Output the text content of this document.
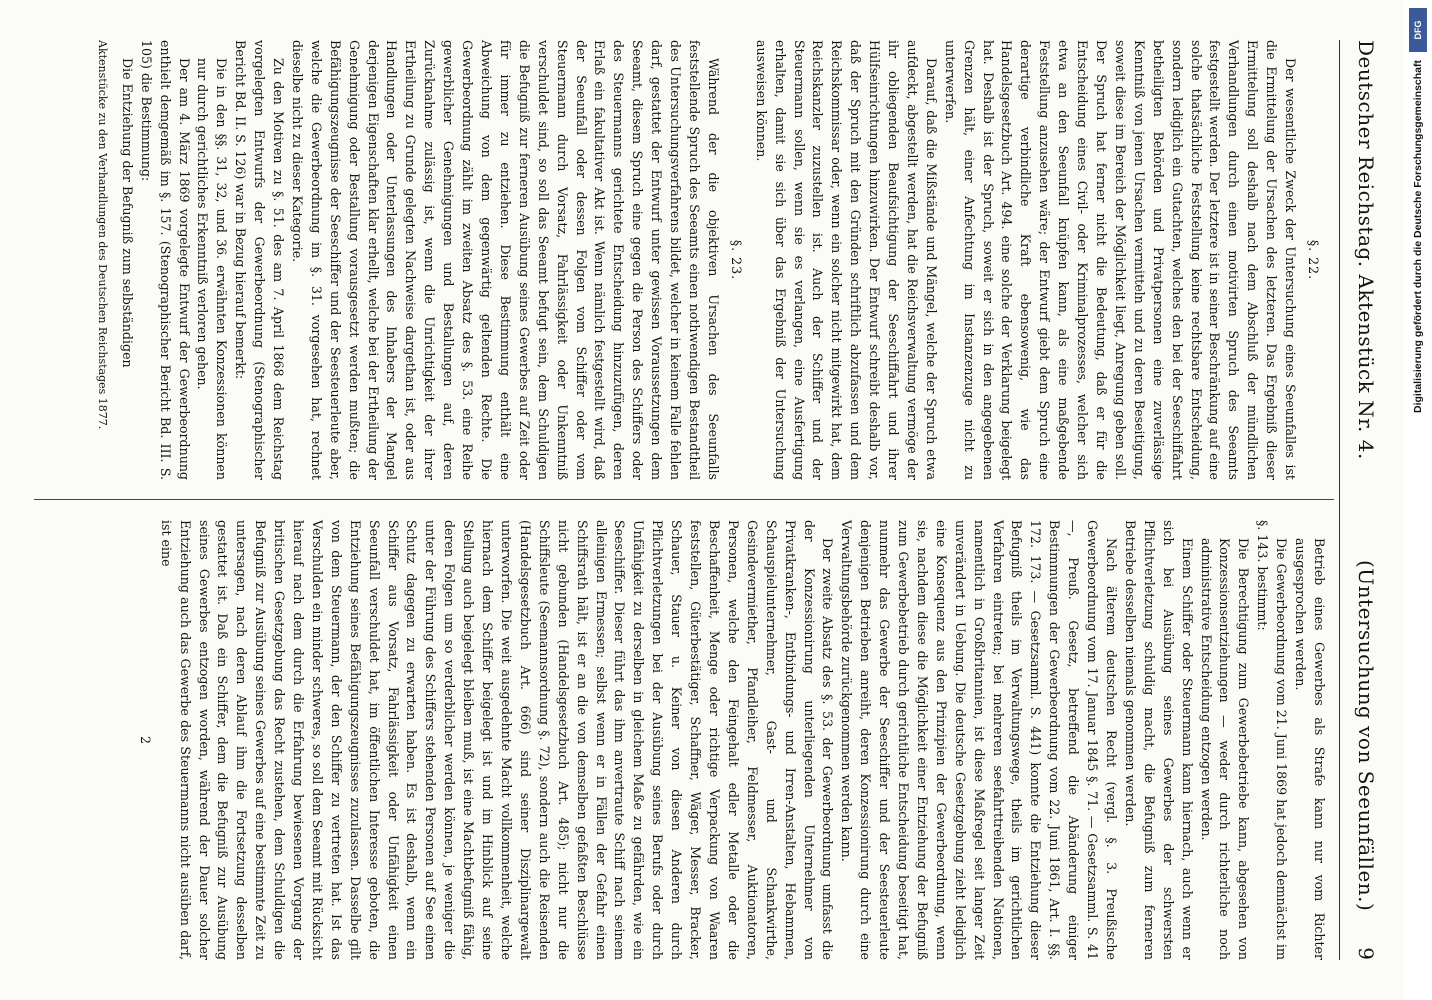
Deutscher Reichstag. Aktenstück Nr. 4.
(Untersuchung von Seeunfällen.)
9

§. 22.

Der wesentliche Zweck der Untersuchung eines Seeunfalles ist die Ermittelung der Ursachen des letzteren. Das Ergebniß dieser Ermittelung soll deshalb nach dem Abschluß der mündlichen Verhandlungen durch einen motivirten Spruch des Seeamts festgestellt werden. Der letztere ist in seiner Beschränkung auf eine solche thatsächliche Feststellung keine rechtsbare Entscheidung, sondern lediglich ein Gutachten, welches den bei der Seeschiffahrt betheiligten Behörden und Privatpersonen eine zuverlässige Kenntniß von jenen Ursachen vermitteln und zu deren Beseitigung, soweit diese im Bereich der Möglichkeit liegt, Anregung geben soll. Der Spruch hat ferner nicht die Bedeutung, daß er für die Entscheidung eines Civil- oder Kriminalprozesses, welcher sich etwa an den Seeunfall knüpfen kann, als eine maßgebende Feststellung anzusehen wäre; der Entwurf giebt dem Spruch eine derartige verbindliche Kraft ebensowenig, wie das Handelsgesetzbuch Art. 494. eine solche der Verklarung beigelegt hat. Deshalb ist der Spruch, soweit er sich in den angegebenen Grenzen hält, einer Anfechtung im Instanzenzuge nicht zu unterwerfen.

Darauf, daß die Mißstände und Mängel, welche der Spruch etwa aufdeckt, abgestellt werden, hat die Reichsverwaltung vermöge der ihr obliegenden Beaufsichtigung der Seeschiffahrt und ihrer Hülfseinrichtungen hinzuwirken. Der Entwurf schreibt deshalb vor, daß der Spruch mit den Gründen schriftlich abzufassen und dem Reichskommissar oder, wenn ein solcher nicht mitgewirkt hat, dem Reichskanzler zuzustellen ist. Auch der Schiffer und der Steuermann sollen, wenn sie es verlangen, eine Ausfertigung erhalten, damit sie sich über das Ergebniß der Untersuchung ausweisen können.

§. 23.

Während der die objektiven Ursachen des Seeunfalls feststellende Spruch des Seeamts einen nothwendigen Bestandtheil des Untersuchungsverfahrens bildet, welcher in keinem Falle fehlen darf, gestattet der Entwurf unter gewissen Voraussetzungen dem Seeamt, diesem Spruch eine gegen die Person des Schiffers oder des Steuermanns gerichtete Entscheidung hinzuzufügen, deren Erlaß ein fakultativer Akt ist. Wenn nämlich festgestellt wird, daß der Seeunfall oder dessen Folgen vom Schiffer oder vom Steuermann durch Vorsatz, Fahrlässigkeit oder Unkenntniß verschuldet sind, so soll das Seeamt befugt sein, dem Schuldigen die Befugniß zur ferneren Ausübung seines Gewerbes auf Zeit oder für immer zu entziehen. Diese Bestimmung enthält eine Abweichung von dem gegenwärtig geltenden Rechte. Die Gewerbeordnung zählt im zweiten Absatz des §. 53. eine Reihe gewerblicher Genehmigungen und Bestallungen auf, deren Zurücknahme zulässig ist, wenn die Unrichtigkeit der ihrer Ertheilung zu Grunde gelegten Nachweise dargethan ist, oder aus Handlungen oder Unterlassungen des Inhabers der Mangel derjenigen Eigenschaften klar erhellt, welche bei der Ertheilung der Genehmigung oder Bestallung vorausgesetzt werden mußten; die Befähigungszeugnisse der Seeschiffer und der Seesteuerleute aber, welche die Gewerbeordnung im §. 31. vorgesehen hat, rechnet dieselbe nicht zu dieser Kategorie.

Zu den Motiven zu §. 51. des am 7. April 1868 dem Reichstag vorgelegten Entwurfs der Gewerbeordnung (Stenographischer Bericht Bd. II. S. 126) war in Bezug hierauf bemerkt:

Die in den §§. 31, 32, und 36. erwähnten Konzessionen können nur durch gerichtliches Erkenntniß verloren gehen.

Der am 4. März 1869 vorgelegte Entwurf der Gewerbeordnung enthielt demgemäß im §. 157. (Stenographischer Bericht Bd. III. S. 105) die Bestimmung:

Die Entziehung der Befugniß zum selbständigen

Aktenstücke zu den Verhandlungen des Deutschen Reichstages 1877.

Betrieb eines Gewerbes als Strafe kann nur vom Richter ausgesprochen werden.

Die Gewerbeordnung vom 21. Juni 1869 hat jedoch demnächst im §. 143. bestimmt:

Die Berechtigung zum Gewerbebetriebe kann, abgesehen von Konzessionsentziehungen — weder durch richterliche noch administrative Entscheidung entzogen werden.

Einem Schiffer oder Steuermann kann hiernach, auch wenn er sich bei Ausübung seines Gewerbes der schwersten Pflichtverletzung schuldig macht, die Befugniß zum ferneren Betriebe desselben niemals genommen werden.

Nach älterem deutschen Recht (vergl. §. 3. Preußische Gewerbeordnung vom 17. Januar 1845 §. 71. — Gesetzsamml. S. 41 —, Preuß. Gesetz, betreffend die Abänderung einiger Bestimmungen der Gewerbeordnung vom 22. Juni 1861, Art. I. §§. 172. 173. — Gesetzsamml. S. 441) konnte die Entziehung dieser Befugniß theils im Verwaltungswege, theils im gerichtlichen Verfahren eintreten; bei mehreren seefahrttreibenden Nationen, namentlich in Großbritannien, ist diese Maßregel seit langer Zeit unverändert in Uebung. Die deutsche Gesetzgebung zieht lediglich eine Konsequenz aus den Prinzipien der Gewerbeordnung, wenn sie, nachdem diese die Möglichkeit einer Entziehung der Befugniß zum Gewerbebetrieb durch gerichtliche Entscheidung beseitigt hat, nunmehr das Gewerbe der Seeschiffer und der Seesteuerleute denjenigen Betrieben anreiht, deren Konzessionirung durch eine Verwaltungsbehörde zurückgenommen werden kann.

Der zweite Absatz des §. 53. der Gewerbeordnung umfasst die der Konzessionirung unterliegenden Unternehmer von Privatkranken-, Entbindungs- und Irren-Anstalten, Hebammen, Schauspielunternehmer, Gast- und Schankwirthe, Gesindevermiether, Pfandleiher, Feldmesser, Auktionatoren, Personen, welche den Feingehalt edler Metalle oder die Beschaffenheit, Menge oder richtige Verpackung von Waaren feststellen, Güterbestätiger, Schaffner, Wäger, Messer, Bracker, Schauer, Stauer u. Keiner von diesen Anderen durch Pflichtverletzungen bei der Ausübung seines Berufs oder durch Unfähigkeit zu derselben in gleichem Maße zu gefährden, wie ein Seeschiffer. Dieser führt das ihm anvertraute Schiff nach seinem alleinigen Ermessen; selbst wenn er in Fällen der Gefahr einen Schiffsrath hält, ist er an die von demselben gefaßten Beschlüsse nicht gebunden (Handelsgesetzbuch Art. 485); nicht nur die Schiffsleute (Seemannsordnung §. 72), sondern auch die Reisenden (Handelsgesetzbuch Art. 666) sind seiner Disziplinargewalt unterworfen. Die weit ausgedehnte Macht vollkommenheit, welche hiernach dem Schiffer beigelegt ist und im Hinblick auf seine Stellung auch beigelegt bleiben muß, ist eine Machtbefugniß fähig, deren Folgen um so verderblicher werden können, je weniger die unter der Führung des Schiffers stehenden Personen auf See einen Schutz dagegen zu erwarten haben. Es ist deshalb, wenn ein Schiffer aus Vorsatz, Fahrlässigkeit oder Unfähigkeit einen Seeunfall verschuldet hat, im öffentlichen Interesse geboten, die Entziehung seines Befähigungszeugnisses zuzulassen. Dasselbe gilt von dem Steuermann, der den Schiffer zu vertreten hat. Ist das Verschulden ein minder schweres, so soll dem Seeamt mit Rücksicht hierauf nach dem durch die Erfahrung bewiesenen Vorgang der britischen Gesetzgebung das Recht zustehen, dem Schuldigen die Befugniß zur Ausübung seines Gewerbes auf eine bestimmte Zeit zu untersagen, nach deren Ablauf ihm die Fortsetzung desselben gestattet ist. Daß ein Schiffer, dem die Befugniß zur Ausübung seines Gewerbes entzogen worden, während der Dauer solcher Entziehung auch das Gewerbe des Steuermanns nicht ausüben darf, ist eine

2

Digitalisierung gefördert durch die Deutsche Forschungsgemeinschaft
DFG
